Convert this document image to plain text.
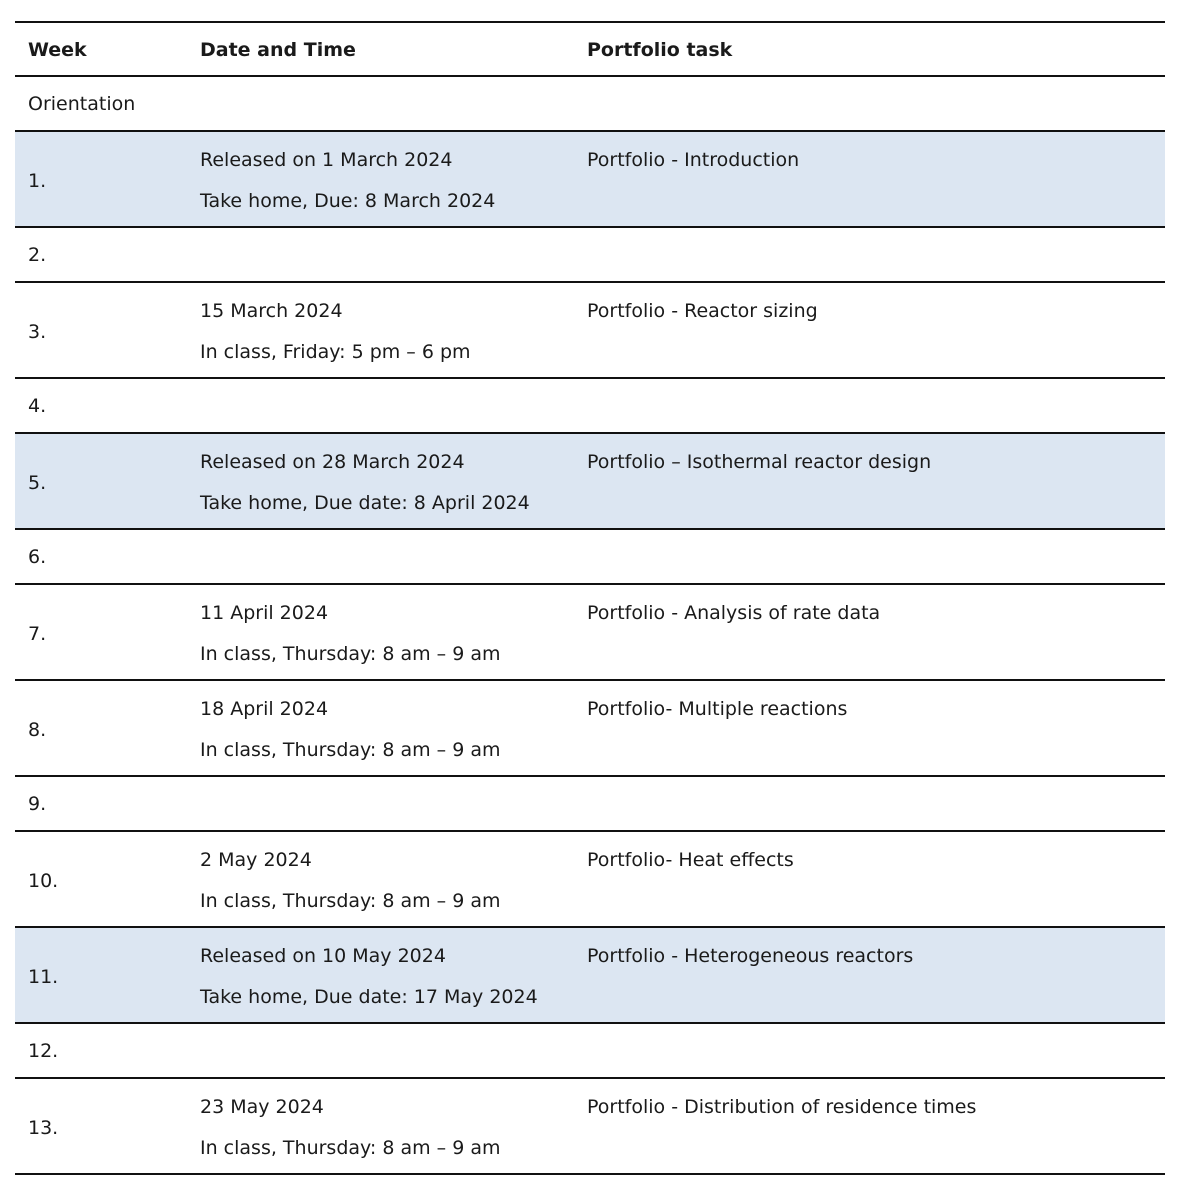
Week	Date and Time	Portfolio task
Orientation
1.
Released on 1 March 2024
Take home, Due: 8 March 2024
Portfolio - Introduction
2.
3.
15 March 2024
In class, Friday: 5 pm – 6 pm
Portfolio - Reactor sizing
4.
5.
Released on 28 March 2024
Take home, Due date: 8 April 2024
Portfolio – Isothermal reactor design
6.
7.
11 April 2024
In class, Thursday: 8 am – 9 am
Portfolio - Analysis of rate data
8.
18 April 2024
In class, Thursday: 8 am – 9 am
Portfolio- Multiple reactions
9.
10.
2 May 2024
In class, Thursday: 8 am – 9 am
Portfolio- Heat effects
11.
Released on 10 May 2024
Take home, Due date: 17 May 2024
Portfolio - Heterogeneous reactors
12.
13.
23 May 2024
In class, Thursday: 8 am – 9 am
Portfolio - Distribution of residence times
